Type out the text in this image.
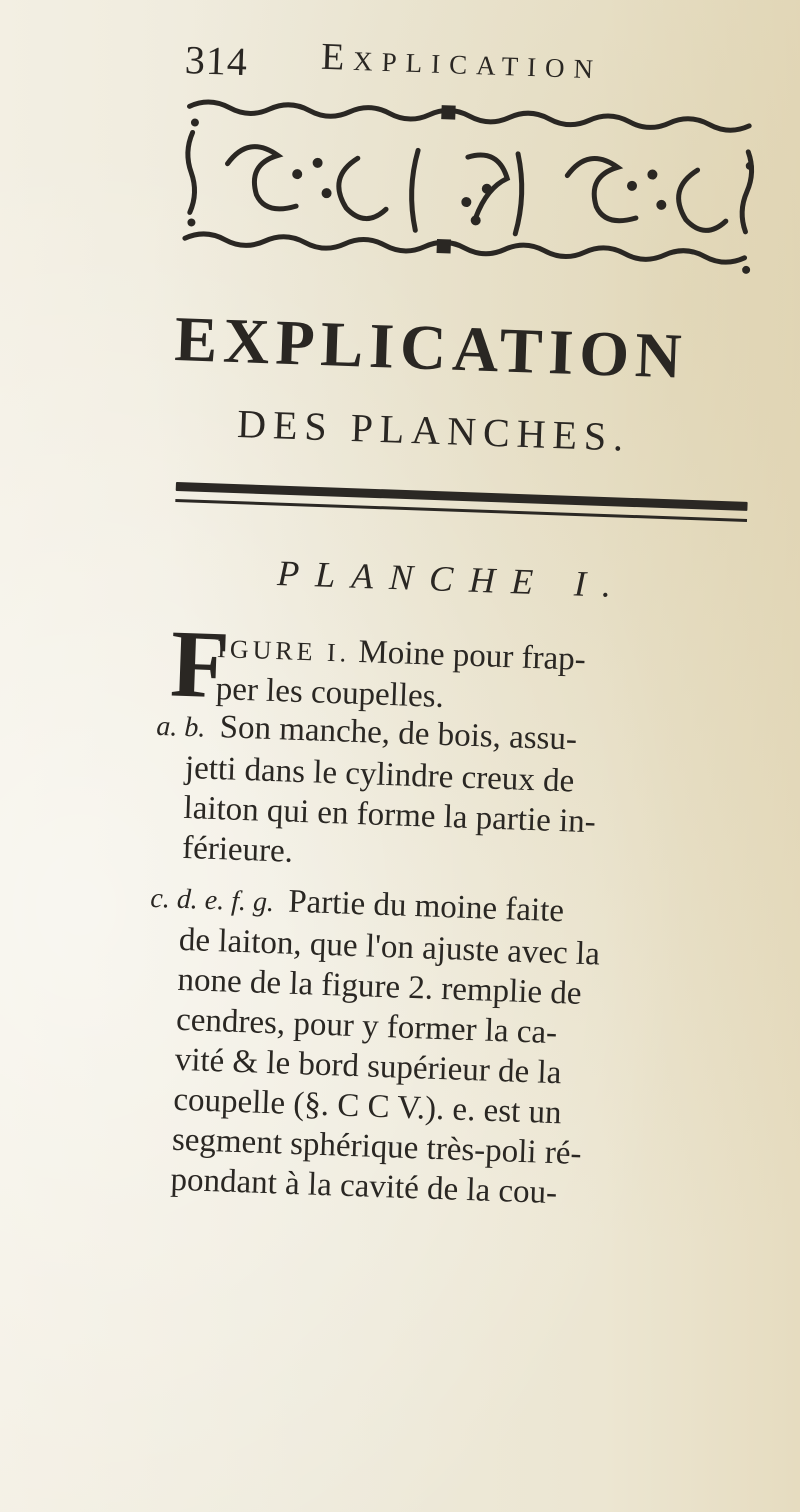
314 Explication
EXPLICATION
DES PLANCHES.
PLANCHE I.
F
IGURE I. Moine pour frap-
per les coupelles.
a. b. Son manche, de bois, assu-
jetti dans le cylindre creux de
laiton qui en forme la partie in-
férieure.
c. d. e. f. g. Partie du moine faite
de laiton, que l'on ajuste avec la
none de la figure 2. remplie de
cendres, pour y former la ca-
vité & le bord supérieur de la
coupelle (§. C C V.). e. est un
segment sphérique très-poli ré-
pondant à la cavité de la cou-
